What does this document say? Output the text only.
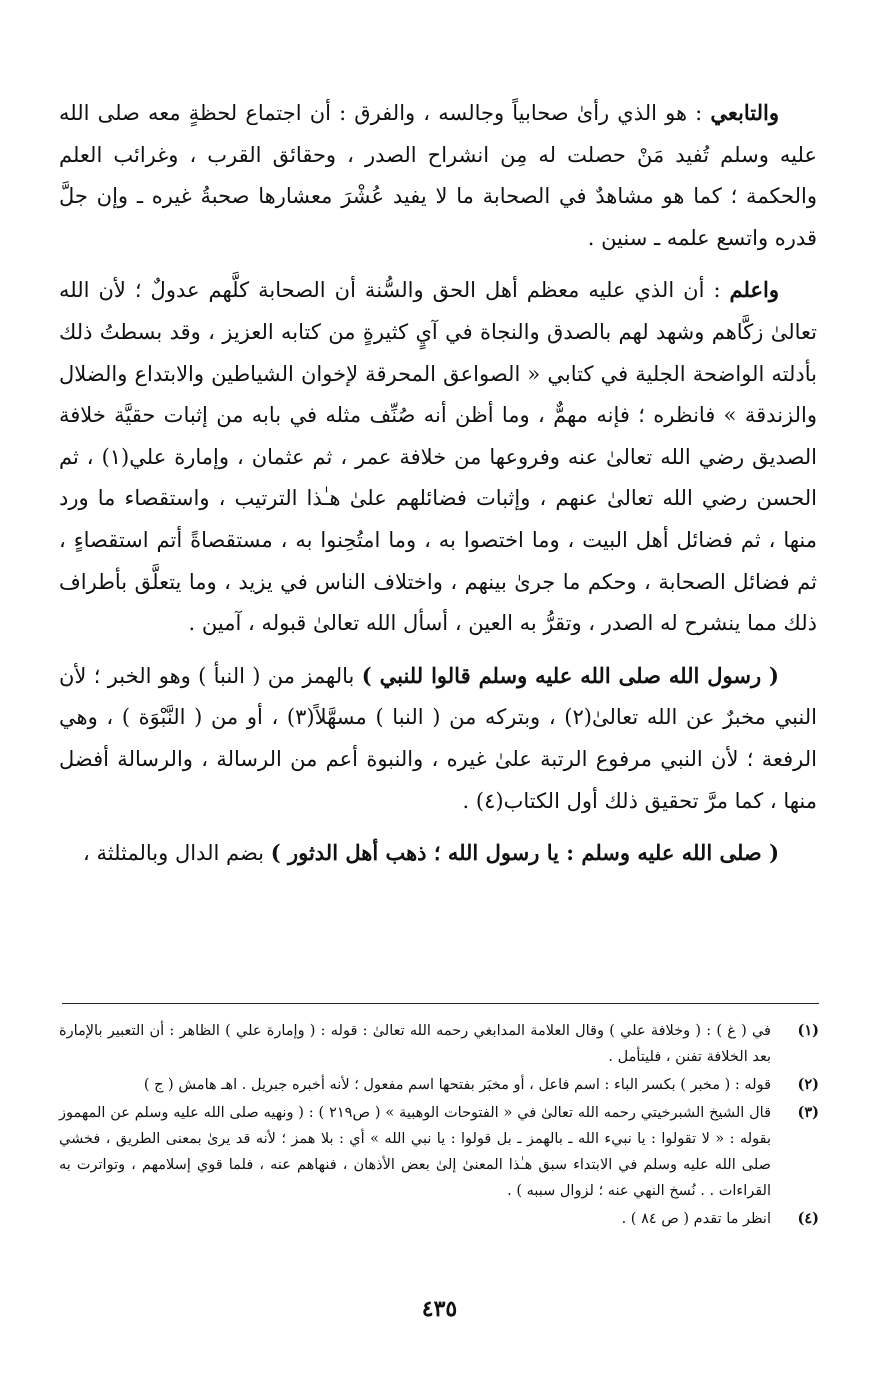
والتابعي : هو الذي رأىٰ صحابياً وجالسه ، والفرق : أن اجتماع لحظةٍ معه صلى الله عليه وسلم تُفيد مَنْ حصلت له مِن انشراح الصدر ، وحقائق القرب ، وغرائب العلم والحكمة ؛ كما هو مشاهدٌ في الصحابة ما لا يفيد عُشْرَ معشارها صحبةُ غيره ـ وإن جلَّ قدره واتسع علمه ـ سنين .

واعلم : أن الذي عليه معظم أهل الحق والسُّنة أن الصحابة كلَّهم عدولٌ ؛ لأن الله تعالىٰ زكَّاهم وشهد لهم بالصدق والنجاة في آيٍ كثيرةٍ من كتابه العزيز ، وقد بسطتُ ذلك بأدلته الواضحة الجلية في كتابي « الصواعق المحرقة لإخوان الشياطين والابتداع والضلال والزندقة » فانظره ؛ فإنه مهمٌّ ، وما أظن أنه صُنِّف مثله في بابه من إثبات حقيَّة خلافة الصديق رضي الله تعالىٰ عنه وفروعها من خلافة عمر ، ثم عثمان ، وإمارة علي(١) ، ثم الحسن رضي الله تعالىٰ عنهم ، وإثبات فضائلهم علىٰ هـٰذا الترتيب ، واستقصاء ما ورد منها ، ثم فضائل أهل البيت ، وما اختصوا به ، وما امتُحِنوا به ، مستقصاةً أتم استقصاءٍ ، ثم فضائل الصحابة ، وحكم ما جرىٰ بينهم ، واختلاف الناس في يزيد ، وما يتعلَّق بأطراف ذلك مما ينشرح له الصدر ، وتقرُّ به العين ، أسأل الله تعالىٰ قبوله ، آمين .

( رسول الله صلى الله عليه وسلم قالوا للنبي ) بالهمز من ( النبأ ) وهو الخبر ؛ لأن النبي مخبرٌ عن الله تعالىٰ(٢) ، وبتركه من ( النبا ) مسهَّلاً(٣) ، أو من ( النَّبْوَة ) ، وهي الرفعة ؛ لأن النبي مرفوع الرتبة علىٰ غيره ، والنبوة أعم من الرسالة ، والرسالة أفضل منها ، كما مرَّ تحقيق ذلك أول الكتاب(٤) .

( صلى الله عليه وسلم : يا رسول الله ؛ ذهب أهل الدثور ) بضم الدال وبالمثلثة ،

(١)
في ( غ ) : ( وخلافة علي ) وقال العلامة المدابغي رحمه الله تعالىٰ : قوله : ( وإمارة علي ) الظاهر : أن التعبير بالإمارة بعد الخلافة تفنن ، فليتأمل .
(٢)
قوله : ( مخبر ) بكسر الباء : اسم فاعل ، أو مخبَر بفتحها اسم مفعول ؛ لأنه أخبره جبريل . اهـ هامش ( ج )
(٣)
قال الشيخ الشبرخيتي رحمه الله تعالىٰ في « الفتوحات الوهبية » ( ص٢١٩ ) : ( ونهيه صلى الله عليه وسلم عن المهموز بقوله : « لا تقولوا : يا نبيء الله ـ بالهمز ـ بل قولوا : يا نبي الله » أي : بلا همز ؛ لأنه قد يرىٰ بمعنى الطريق ، فخشي صلى الله عليه وسلم في الابتداء سبق هـٰذا المعنىٰ إلىٰ بعض الأذهان ، فنهاهم عنه ، فلما قوي إسلامهم ، وتواترت به القراءات . . نُسخ النهي عنه ؛ لزوال سببه ) .
(٤)
انظر ما تقدم ( ص ٨٤ ) .
٤٣٥
